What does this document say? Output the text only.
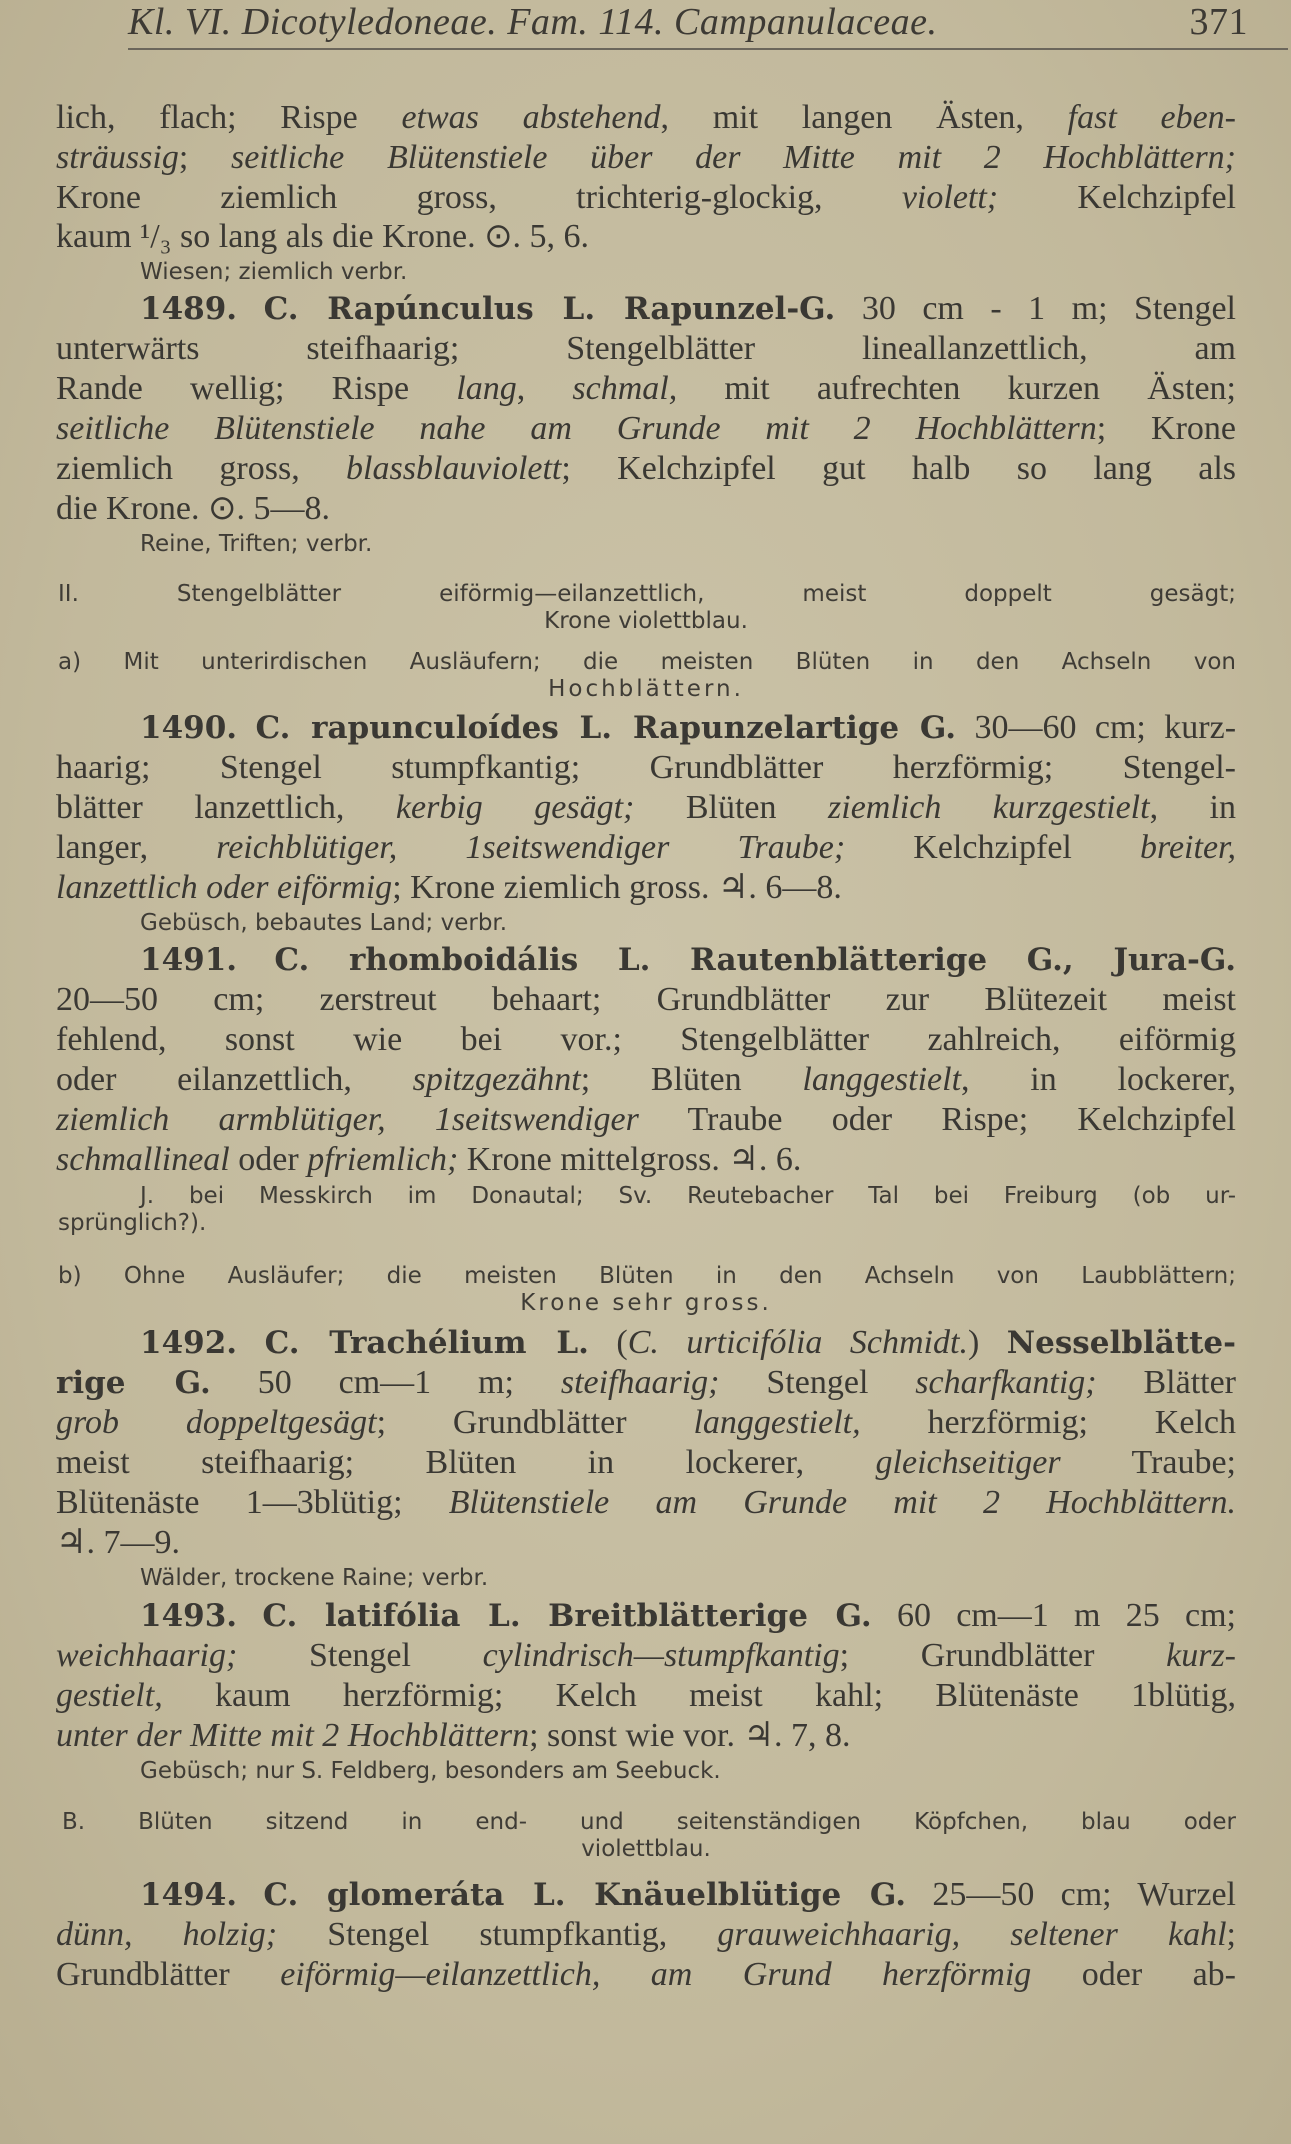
Kl. VI. Dicotyledoneae. Fam. 114. Campanulaceae.	371
lich, flach; Rispe etwas abstehend, mit langen Ästen, fast eben-
sträussig; seitliche Blütenstiele über der Mitte mit 2 Hochblättern;
Krone ziemlich gross, trichterig-glockig, violett; Kelchzipfel
kaum ¹/₃ so lang als die Krone. ⊙. 5, 6.
Wiesen; ziemlich verbr.
1489. C. Rapúnculus L. Rapunzel-G. 30 cm - 1 m; Stengel
unterwärts steifhaarig; Stengelblätter lineallanzettlich, am
Rande wellig; Rispe lang, schmal, mit aufrechten kurzen Ästen;
seitliche Blütenstiele nahe am Grunde mit 2 Hochblättern; Krone
ziemlich gross, blassblauviolett; Kelchzipfel gut halb so lang als
die Krone. ⊙. 5—8.
Reine, Triften; verbr.
II. Stengelblätter eiförmig—eilanzettlich, meist doppelt gesägt;
Krone violettblau.
a) Mit unterirdischen Ausläufern; die meisten Blüten in den Achseln von
Hochblättern.
1490. C. rapunculoídes L. Rapunzelartige G. 30—60 cm; kurz-
haarig; Stengel stumpfkantig; Grundblätter herzförmig; Stengel-
blätter lanzettlich, kerbig gesägt; Blüten ziemlich kurzgestielt, in
langer, reichblütiger, 1seitswendiger Traube; Kelchzipfel breiter,
lanzettlich oder eiförmig; Krone ziemlich gross. ♃. 6—8.
Gebüsch, bebautes Land; verbr.
1491. C. rhomboidális L. Rautenblätterige G., Jura-G.
20—50 cm; zerstreut behaart; Grundblätter zur Blütezeit meist
fehlend, sonst wie bei vor.; Stengelblätter zahlreich, eiförmig
oder eilanzettlich, spitzgezähnt; Blüten langgestielt, in lockerer,
ziemlich armblütiger, 1seitswendiger Traube oder Rispe; Kelchzipfel
schmallineal oder pfriemlich; Krone mittelgross. ♃. 6.
J. bei Messkirch im Donautal; Sv. Reutebacher Tal bei Freiburg (ob ur-
sprünglich?).
b) Ohne Ausläufer; die meisten Blüten in den Achseln von Laubblättern;
Krone sehr gross.
1492. C. Trachélium L. (C. urticifólia Schmidt.) Nesselblätte-
rige G. 50 cm—1 m; steifhaarig; Stengel scharfkantig; Blätter
grob doppeltgesägt; Grundblätter langgestielt, herzförmig; Kelch
meist steifhaarig; Blüten in lockerer, gleichseitiger Traube;
Blütenäste 1—3blütig; Blütenstiele am Grunde mit 2 Hochblättern.
♃. 7—9.
Wälder, trockene Raine; verbr.
1493. C. latifólia L. Breitblätterige G. 60 cm—1 m 25 cm;
weichhaarig; Stengel cylindrisch—stumpfkantig; Grundblätter kurz-
gestielt, kaum herzförmig; Kelch meist kahl; Blütenäste 1blütig,
unter der Mitte mit 2 Hochblättern; sonst wie vor. ♃. 7, 8.
Gebüsch; nur S. Feldberg, besonders am Seebuck.
B. Blüten sitzend in end- und seitenständigen Köpfchen, blau oder
violettblau.
1494. C. glomeráta L. Knäuelblütige G. 25—50 cm; Wurzel
dünn, holzig; Stengel stumpfkantig, grauweichhaarig, seltener kahl;
Grundblätter eiförmig—eilanzettlich, am Grund herzförmig oder ab-
